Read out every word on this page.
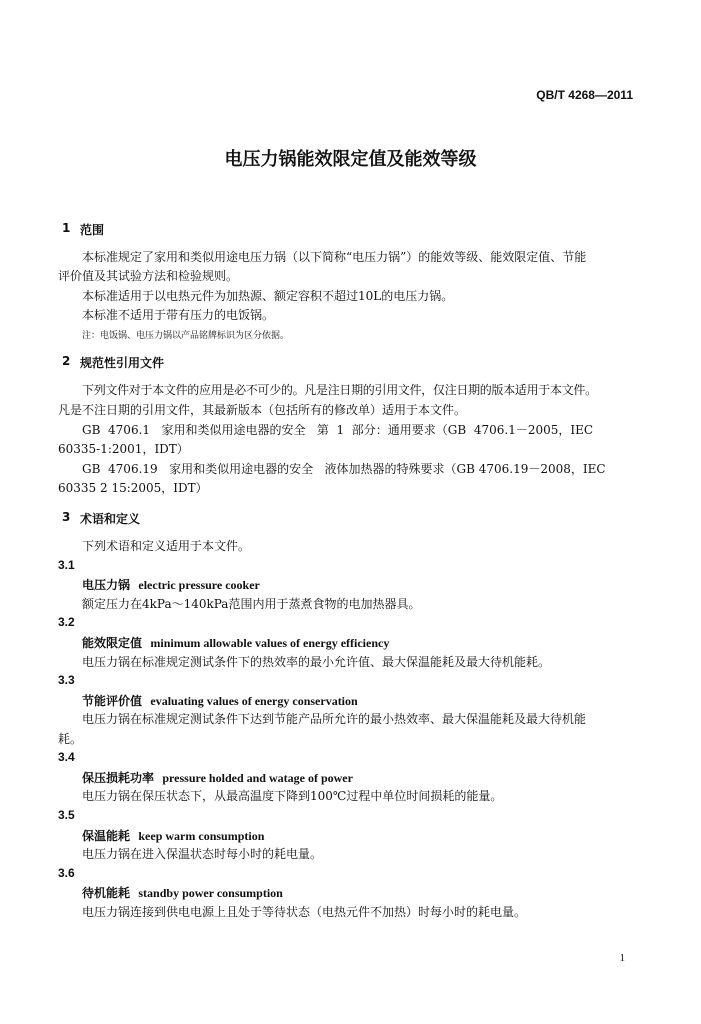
QB/T 4268—2011
电压力锅能效限定值及能效等级
1 范围
本标准规定了家用和类似用途电压力锅（以下简称“电压力锅”）的能效等级、能效限定值、节能
评价值及其试验方法和检验规则。
本标准适用于以电热元件为加热源、额定容积不超过10L的电压力锅。
本标准不适用于带有压力的电饭锅。
注：电饭锅、电压力锅以产品铭牌标识为区分依据。
2 规范性引用文件
下列文件对于本文件的应用是必不可少的。凡是注日期的引用文件，仅注日期的版本适用于本文件。
凡是不注日期的引用文件，其最新版本（包括所有的修改单）适用于本文件。
GB  4706.1   家用和类似用途电器的安全   第  1  部分：通用要求（GB  4706.1－2005，IEC
60335-1:2001，IDT）
GB  4706.19   家用和类似用途电器的安全   液体加热器的特殊要求（GB 4706.19－2008，IEC
60335 2 15:2005，IDT）
3 术语和定义
下列术语和定义适用于本文件。
3.1
电压力锅 electric pressure cooker
额定压力在4kPa～140kPa范围内用于蒸煮食物的电加热器具。
3.2
能效限定值 minimum allowable values of energy efficiency
电压力锅在标准规定测试条件下的热效率的最小允许值、最大保温能耗及最大待机能耗。
3.3
节能评价值 evaluating values of energy conservation
电压力锅在标准规定测试条件下达到节能产品所允许的最小热效率、最大保温能耗及最大待机能
耗。
3.4
保压损耗功率 pressure holded and watage of power
电压力锅在保压状态下，从最高温度下降到100℃过程中单位时间损耗的能量。
3.5
保温能耗 keep warm consumption
电压力锅在进入保温状态时每小时的耗电量。
3.6
待机能耗 standby power consumption
电压力锅连接到供电电源上且处于等待状态（电热元件不加热）时每小时的耗电量。
1
